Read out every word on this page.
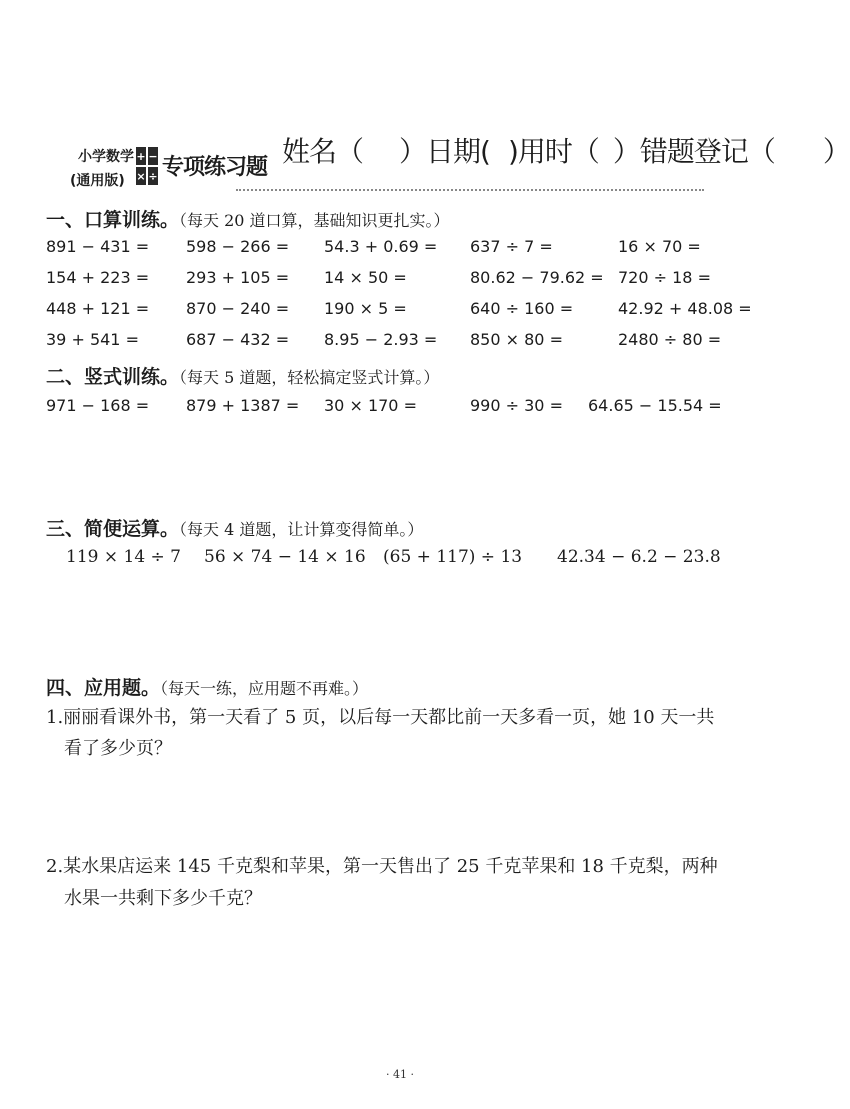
小学数学
(通用版)
+ −
× ÷ 专项练习题 姓名（ ）日期( )用时（ ）错题登记（ ）
一、口算训练。（每天 20 道口算，基础知识更扎实。）
891 − 431 = 598 − 266 = 54.3 + 0.69 = 637 ÷ 7 =	16 × 70 =
154 + 223 = 293 + 105 = 14 × 50 =	80.62 − 79.62 = 720 ÷ 18 =
448 + 121 = 870 − 240 = 190 × 5 =	640 ÷ 160 =	42.92 + 48.08 =
39 + 541 =	687 − 432 = 8.95 − 2.93 = 850 × 80 =	2480 ÷ 80 =
二、竖式训练。（每天 5 道题，轻松搞定竖式计算。）
971 − 168 = 879 + 1387 = 30 × 170 =	990 ÷ 30 = 64.65 − 15.54 =
三、简便运算。（每天 4 道题，让计算变得简单。）
119 × 14 ÷ 7 56 × 74 − 14 × 16 (65 + 117) ÷ 13 42.34 − 6.2 − 23.8
四、应用题。（每天一练，应用题不再难。）
1.丽丽看课外书，第一天看了 5 页，以后每一天都比前一天多看一页，她 10 天一共
看了多少页？
2.某水果店运来 145 千克梨和苹果，第一天售出了 25 千克苹果和 18 千克梨，两种
水果一共剩下多少千克？
· 41 ·
